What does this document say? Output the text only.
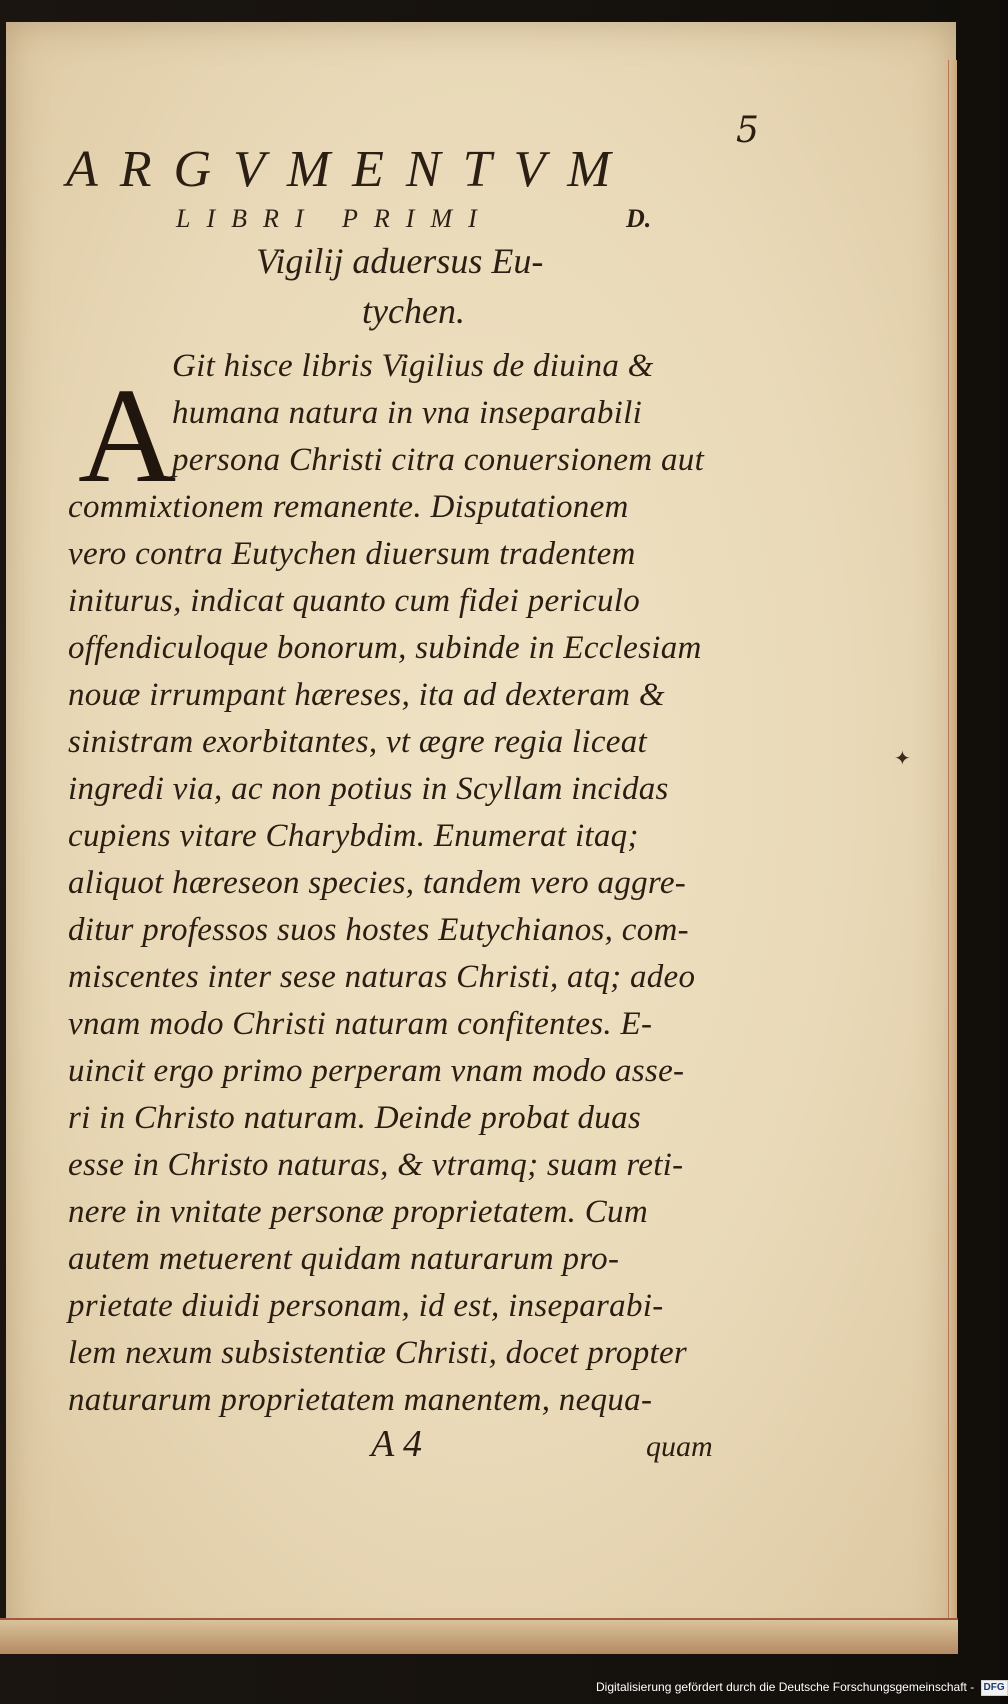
5
ARGVMENTVM
LIBRI PRIMI	D.
Vigilij aduersus Eu-
tychen.
A
Git hisce libris Vigilius de diuina &
humana natura in vna inseparabili
persona Christi citra conuersionem aut
commixtionem remanente. Disputationem
vero contra Eutychen diuersum tradentem
initurus, indicat quanto cum fidei periculo
offendiculoque bonorum, subinde in Ecclesiam
nouæ irrumpant hæreses, ita ad dexteram &
sinistram exorbitantes, vt ægre regia liceat
ingredi via, ac non potius in Scyllam incidas
cupiens vitare Charybdim. Enumerat itaq;
aliquot hæreseon species, tandem vero aggre-
ditur professos suos hostes Eutychianos, com-
miscentes inter sese naturas Christi, atq; adeo
vnam modo Christi naturam confitentes. E-
uincit ergo primo perperam vnam modo asse-
ri in Christo naturam. Deinde probat duas
esse in Christo naturas, & vtramq; suam reti-
nere in vnitate personæ proprietatem. Cum
autem metuerent quidam naturarum pro-
prietate diuidi personam, id est, inseparabi-
lem nexum subsistentiæ Christi, docet propter
naturarum proprietatem manentem, nequa-
A 4	quam
✦
Digitalisierung gefördert durch die Deutsche Forschungsgemeinschaft - DFG
